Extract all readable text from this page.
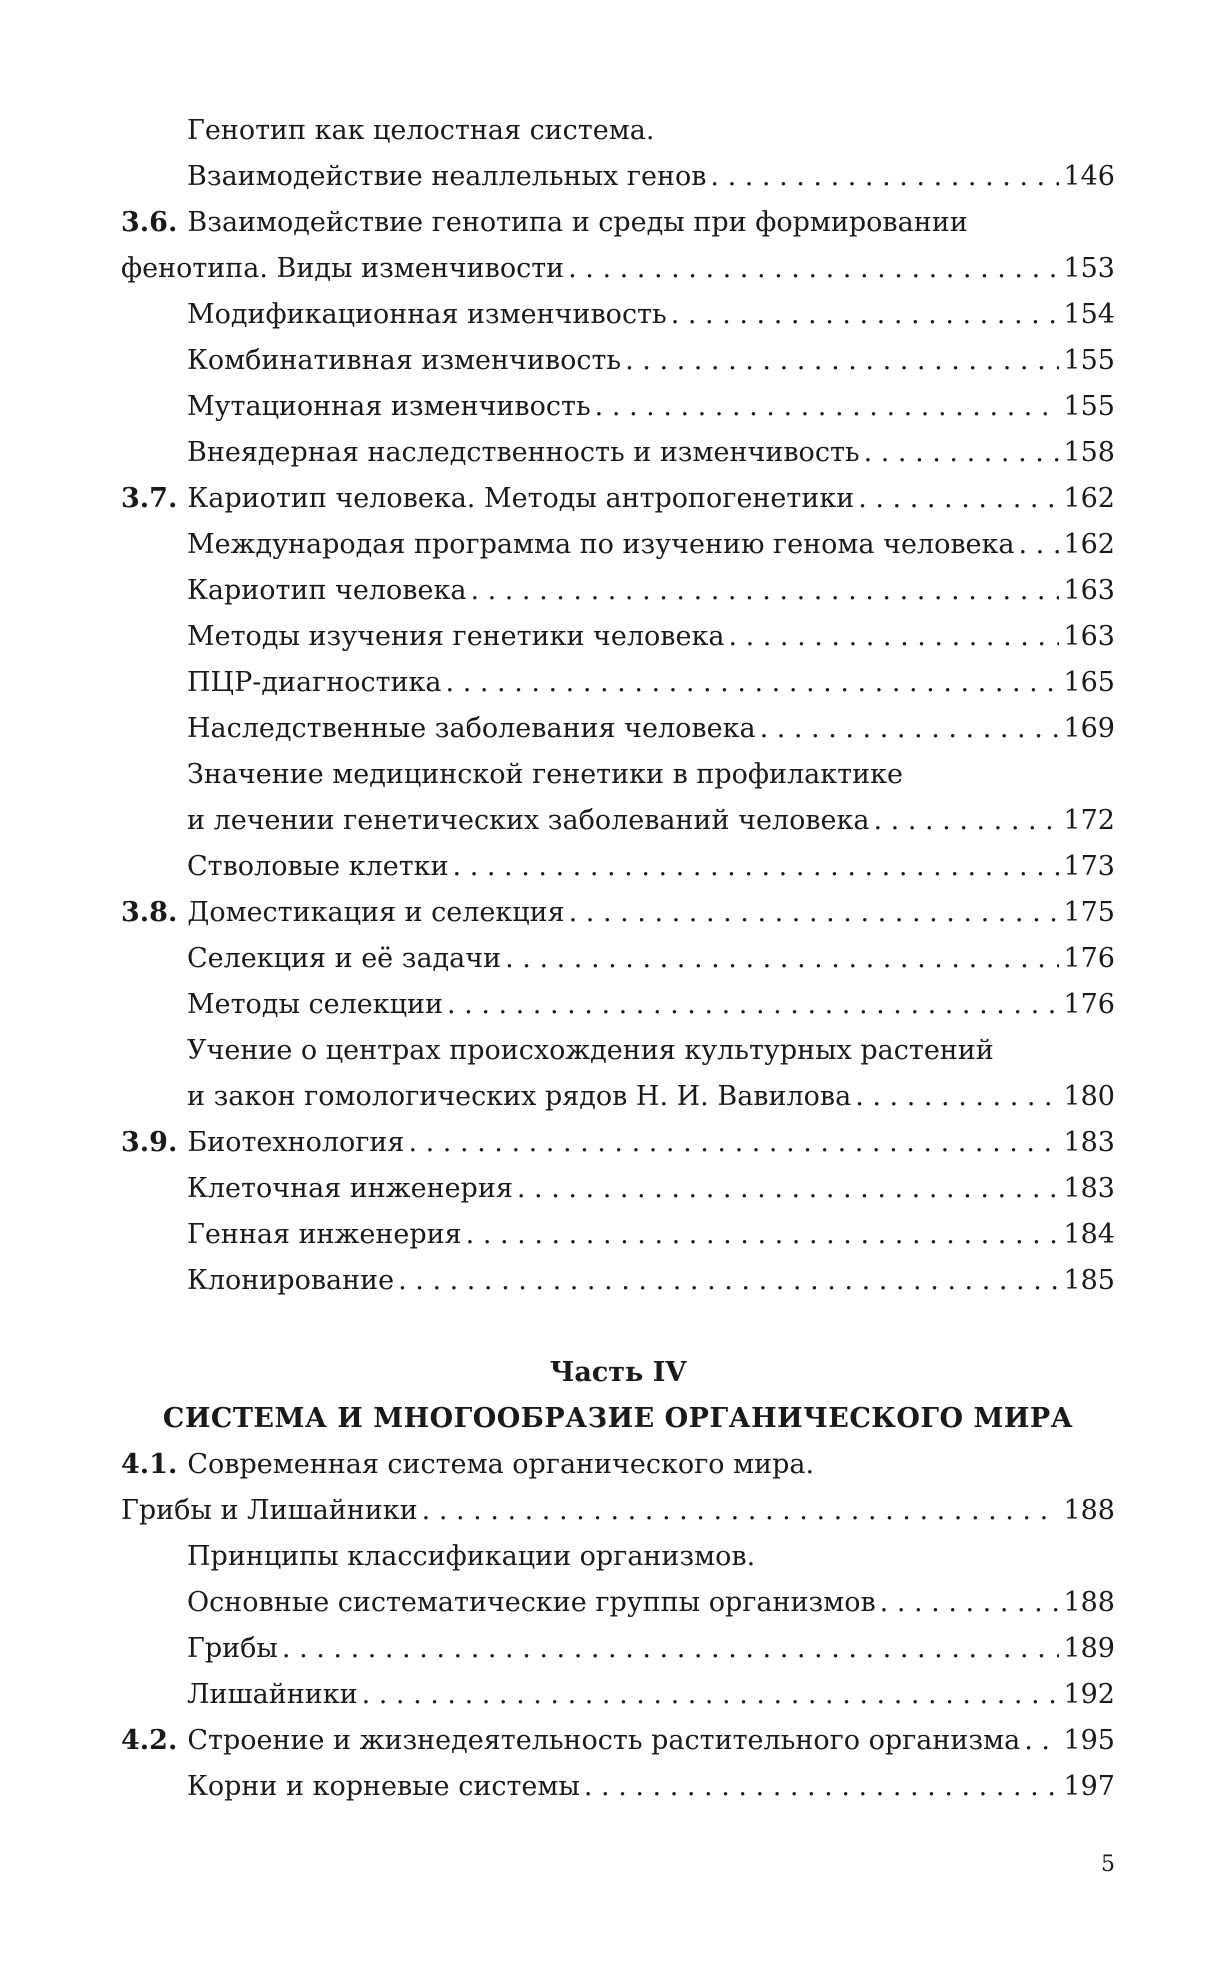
Генотип как целостная система.
Взаимодействие неаллельных генов . . .	146
3.6. Взаимодействие генотипа и среды при формировании
фенотипа. Виды изменчивости . . .	153
Модификационная изменчивость . . .	154
Комбинативная изменчивость . . .	155
Мутационная изменчивость . . .	155
Внеядерная наследственность и изменчивость . . .	158
3.7. Кариотип человека. Методы антропогенетики . . .	162
Международая программа по изучению генома человека . . . 162
Кариотип человека . . .	163
Методы изучения генетики человека . . .	163
ПЦР-диагностика . . .	165
Наследственные заболевания человека . . .	169
Значение медицинской генетики в профилактике
и лечении генетических заболеваний человека . . .	172
Стволовые клетки . . .	173
3.8. Доместикация и селекция . . .	175
Селекция и её задачи . . .	176
Методы селекции . . .	176
Учение о центрах происхождения культурных растений
и закон гомологических рядов Н. И. Вавилова . . .	180
3.9. Биотехнология . . .	183
Клеточная инженерия . . .	183
Генная инженерия . . .	184
Клонирование . . .	185
Часть IV
СИСТЕМА И МНОГООБРАЗИЕ ОРГАНИЧЕСКОГО МИРА
4.1. Современная система органического мира.
Грибы и Лишайники . . .	188
Принципы классификации организмов.
Основные систематические группы организмов . . .	188
Грибы . . .	189
Лишайники . . .	192
4.2. Строение и жизнедеятельность растительного организма . . . 195
Корни и корневые системы . . .	197
5
